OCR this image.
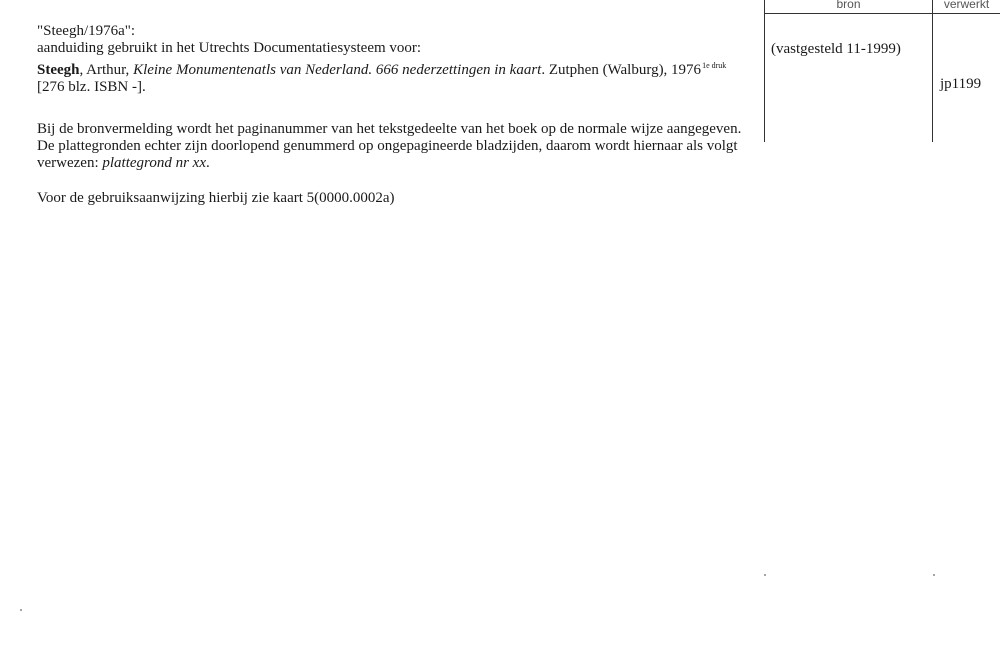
bron	verwerkt
(vastgesteld 11-1999)
jp1199
"Steegh/1976a":
aanduiding gebruikt in het Utrechts Documentatiesysteem voor:
Steegh, Arthur, Kleine Monumentenatls van Nederland. 666 nederzettingen in kaart. Zutphen (Walburg), $1976^{1e druk}$
[276 blz. ISBN -].
Bij de bronvermelding wordt het paginanummer van het tekstgedeelte van het boek op de normale wijze aangegeven.
De plattegronden echter zijn doorlopend genummerd op ongepagineerde bladzijden, daarom wordt hiernaar als volgt
verwezen: plattegrond nr xx.
Voor de gebruiksaanwijzing hierbij zie kaart 5(0000.0002a)
